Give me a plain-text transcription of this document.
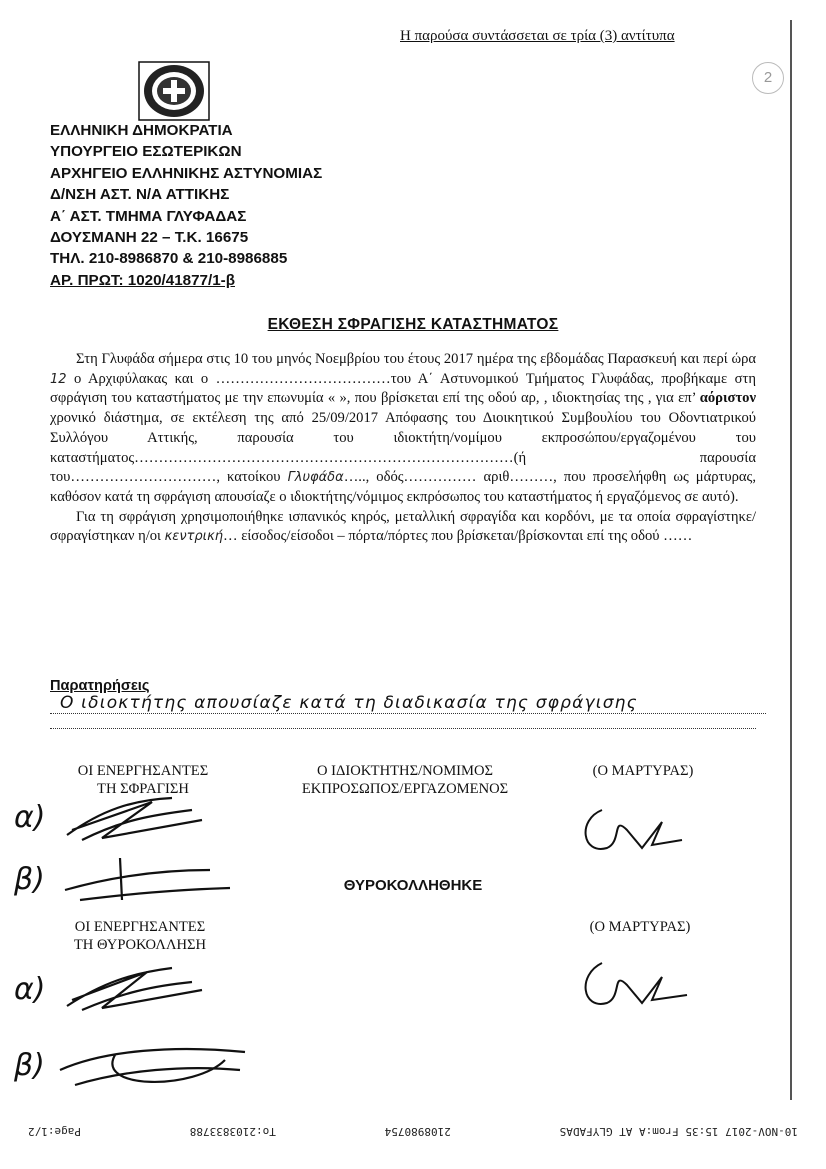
Η παρούσα συντάσσεται σε τρία (3) αντίτυπα
2
ΕΛΛΗΝΙΚΗ ΔΗΜΟΚΡΑΤΙΑ
ΥΠΟΥΡΓΕΙΟ ΕΣΩΤΕΡΙΚΩΝ
ΑΡΧΗΓΕΙΟ ΕΛΛΗΝΙΚΗΣ ΑΣΤΥΝΟΜΙΑΣ
Δ/ΝΣΗ ΑΣΤ. Ν/Α ΑΤΤΙΚΗΣ
Α΄ ΑΣΤ. ΤΜΗΜΑ ΓΛΥΦΑΔΑΣ
ΔΟΥΣΜΑΝΗ 22 – Τ.Κ. 16675
ΤΗΛ. 210-8986870 & 210-8986885
ΑΡ. ΠΡΩΤ: 1020/41877/1-β
ΕΚΘΕΣΗ ΣΦΡΑΓΙΣΗΣ ΚΑΤΑΣΤΗΜΑΤΟΣ

Στη Γλυφάδα σήμερα στις 10 του μηνός Νοεμβρίου του έτους 2017 ημέρα της εβδομάδας Παρασκευή και περί ώρα 12 ο Αρχιφύλακας και ο ………………………………του Α΄ Αστυνομικού Τμήματος Γλυφάδας, προβήκαμε στη σφράγιση του καταστήματος με την επωνυμία « », που βρίσκεται επί της οδού αρ, , ιδιοκτησίας της , για επ’ αόριστον χρονικό διάστημα, σε εκτέλεση της από 25/09/2017 Απόφασης του Διοικητικού Συμβουλίου του Οδοντιατρικού Συλλόγου Αττικής, παρουσία του ιδιοκτήτη/νομίμου εκπροσώπου/εργαζομένου του καταστήματος……………………………………………………………………(ή παρουσία του…………………………, κατοίκου Γλυφάδα….., οδός…………… αριθ………, που προσελήφθη ως μάρτυρας, καθόσον κατά τη σφράγιση απουσίαζε ο ιδιοκτήτης/νόμιμος εκπρόσωπος του καταστήματος ή εργαζόμενος σε αυτό).

Για τη σφράγιση χρησιμοποιήθηκε ισπανικός κηρός, μεταλλική σφραγίδα και κορδόνι, με τα οποία σφραγίστηκε/σφραγίστηκαν η/οι κεντρική… είσοδος/είσοδοι – πόρτα/πόρτες που βρίσκεται/βρίσκονται επί της οδού ……

Παρατηρήσεις
Ο ιδιοκτήτης απουσίαζε κατά τη διαδικασία της σφράγισης
ΟΙ ΕΝΕΡΓΗΣΑΝΤΕΣ
ΤΗ ΣΦΡΑΓΙΣΗ
Ο ΙΔΙΟΚΤΗΤΗΣ/ΝΟΜΙΜΟΣ
ΕΚΠΡΟΣΩΠΟΣ/ΕΡΓΑΖΟΜΕΝΟΣ
(Ο ΜΑΡΤΥΡΑΣ)
α)
β)	ΘΥΡΟΚΟΛΛΗΘΗΚΕ
ΟΙ ΕΝΕΡΓΗΣΑΝΤΕΣ
ΤΗ ΘΥΡΟΚΟΛΛΗΣΗ
(Ο ΜΑΡΤΥΡΑΣ)
α)
β)
10-NOV-2017 15:35 From:A AT GLYFADAS
2108980754
To:2103833788
Page:1/2
